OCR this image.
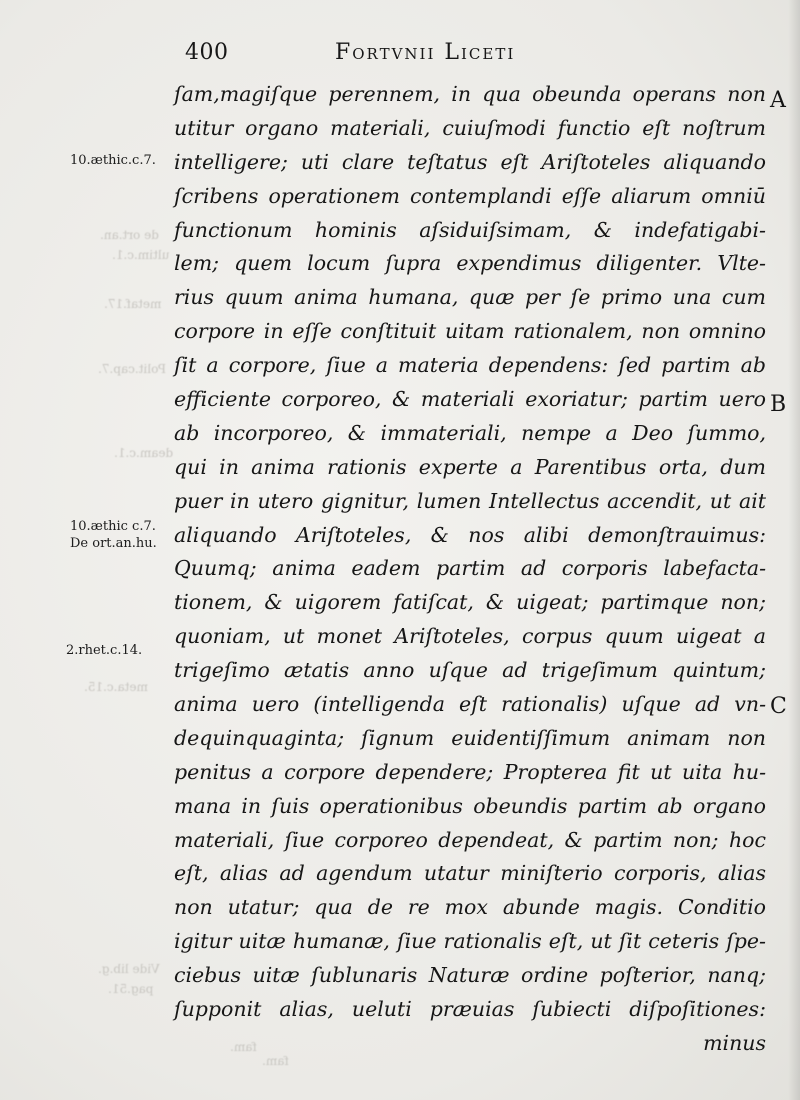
de ort.an.
ultim.c.1.
metaf.17.
Polit.cap.7.
deam.c.1.
meta.c.15.
Vide lib.g.
pag.51.
fam.
fam.
400	Fortvnii Liceti
10.æthic.c.7.
10.æthic c.7.
De ort.an.hu.
2.rhet.c.14.
A
B
C
ſam,magiſque perennem, in qua obeunda operans non
utitur organo materiali, cuiuſmodi functio eſt noſtrum
intelligere; uti clare teſtatus eſt Ariſtoteles aliquando
ſcribens operationem contemplandi eſſe aliarum omniū
functionum hominis aſsiduiſsimam, & indefatigabi-
lem; quem locum ſupra expendimus diligenter. Vlte-
rius quum anima humana, quæ per ſe primo una cum
corpore in eſſe conſtituit uitam rationalem, non omnino
ſit a corpore, ſiue a materia dependens: ſed partim ab
efficiente corporeo, & materiali exoriatur; partim uero
ab incorporeo, & immateriali, nempe a Deo ſummo,
qui in anima rationis experte a Parentibus orta, dum
puer in utero gignitur, lumen Intellectus accendit, ut ait
aliquando Ariſtoteles, & nos alibi demonſtrauimus:
Quumq; anima eadem partim ad corporis labefacta-
tionem, & uigorem fatiſcat, & uigeat; partimque non;
quoniam, ut monet Ariſtoteles, corpus quum uigeat a
trigeſimo ætatis anno uſque ad trigeſimum quintum;
anima uero (intelligenda eſt rationalis) uſque ad vn-
dequinquaginta; ſignum euidentiſſimum animam non
penitus a corpore dependere; Propterea fit ut uita hu-
mana in ſuis operationibus obeundis partim ab organo
materiali, ſiue corporeo dependeat, & partim non; hoc
eſt, alias ad agendum utatur miniſterio corporis, alias
non utatur; qua de re mox abunde magis. Conditio
igitur uitæ humanæ, ſiue rationalis eſt, ut ſit ceteris ſpe-
ciebus uitæ ſublunaris Naturæ ordine poſterior, nanq;
ſupponit alias, ueluti præuias ſubiecti diſpoſitiones:
minus
